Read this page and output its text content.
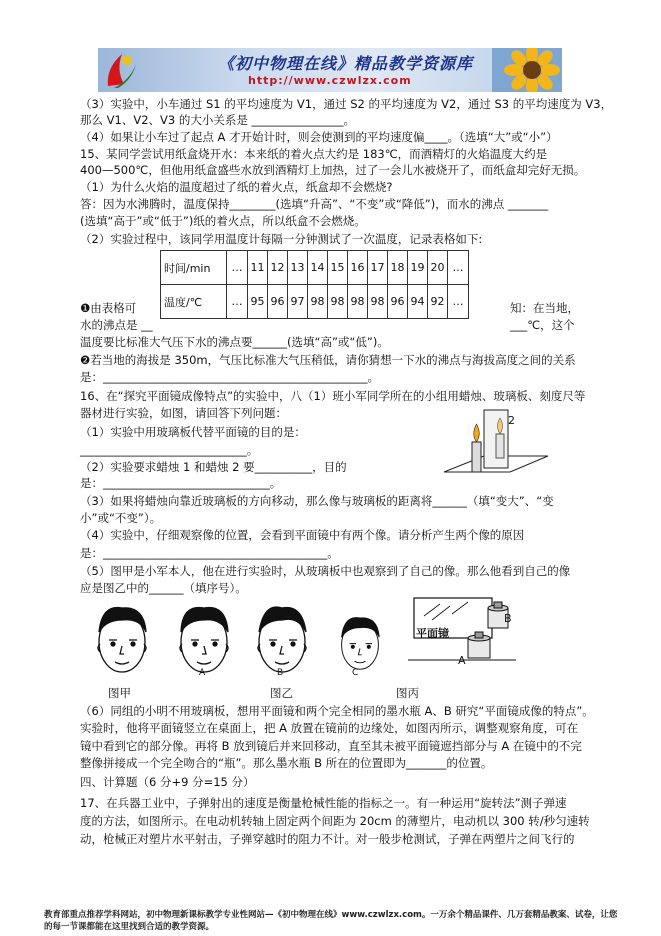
《初中物理在线》精品教学资源库
http://www.czwlzx.com
（3）实验中，小车通过 S1 的平均速度为 V1，通过 S2 的平均速度为 V2，通过 S3 的平均速度为 V3，
那么 V1、V2、V3 的大小关系是 ________________。
（4）如果让小车过了起点 A 才开始计时，则会使测到的平均速度偏____。（选填“大”或“小”）
15、某同学尝试用纸盒烧开水：本来纸的着火点大约是 183℃，而酒精灯的火焰温度大约是
400—500℃，但他用纸盒盛些水放到酒精灯上加热，过了一会儿水被烧开了，而纸盒却完好无损。
（1）为什么火焰的温度超过了纸的着火点，纸盒却不会燃烧?
答：因为水沸腾时，温度保持________(选填“升高”、“不变”或“降低”)，而水的沸点 _______
(选填“高于”或“低于”)纸的着火点，所以纸盒不会燃烧。
（2）实验过程中，该同学用温度计每隔一分钟测试了一次温度，记录表格如下:
时间/min	…	11	12	13	14	15	16	17	18	19	20	…
温度/℃	…	95	96	97	98	98	98	98	96	94	92	…
❶由表格可	知：在当地，
水的沸点是 __	___℃，这个
温度要比标准大气压下水的沸点要______(选填“高”或“低”)。
❷若当地的海拔是 350m，气压比标准大气压稍低，请你猜想一下水的沸点与海拔高度之间的关系
是：______________________________________________。
16、在“探究平面镜成像特点”的实验中，八（1）班小军同学所在的小组用蜡烛、玻璃板、刻度尺等
器材进行实验，如图，请回答下列问题：
（1）实验中用玻璃板代替平面镜的目的是：
_____________________________。
（2）实验要求蜡烛 1 和蜡烛 2 要__________，目的
是：_____________________________。
（3）如果将蜡烛向靠近玻璃板的方向移动，那么像与玻璃板的距离将______（填“变大”、“变
小”或“不变”）。
（4）实验中，仔细观察像的位置，会看到平面镜中有两个像。请分析产生两个像的原因
是：_______________________________________。
（5）图甲是小军本人，他在进行实验时，从玻璃板中也观察到了自己的像。那么他看到自己的像
应是图乙中的______（填序号）。
2
A	B	C
平面镜
B
A
图甲	图乙	图丙
（6）同组的小明不用玻璃板，想用平面镜和两个完全相同的墨水瓶 A、B 研究“平面镜成像的特点”。
实验时，他将平面镜竖立在桌面上，把 A 放置在镜前的边缘处，如图丙所示，调整观察角度，可在
镜中看到它的部分像。再将 B 放到镜后并来回移动，直至其未被平面镜遮挡部分与 A 在镜中的不完
整像拼接成一个完全吻合的“瓶”。那么墨水瓶 B 所在的位置即为_______的位置。
四、计算题（6 分+9 分=15 分）
17、在兵器工业中，子弹射出的速度是衡量枪械性能的指标之一。有一种运用“旋转法”测子弹速
度的方法，如图所示。在电动机转轴上固定两个间距为 20cm 的薄塑片，电动机以 300 转/秒匀速转
动，枪械正对塑片水平射击，子弹穿越时的阻力不计。对一般步枪测试，子弹在两塑片之间飞行的
教育部重点推荐学科网站，初中物理新课标教学专业性网站—《初中物理在线》www.czwlzx.com。一万余个精品课件、几万套精品教案、试卷，让您的每一节课都能在这里找到合适的教学资源。
